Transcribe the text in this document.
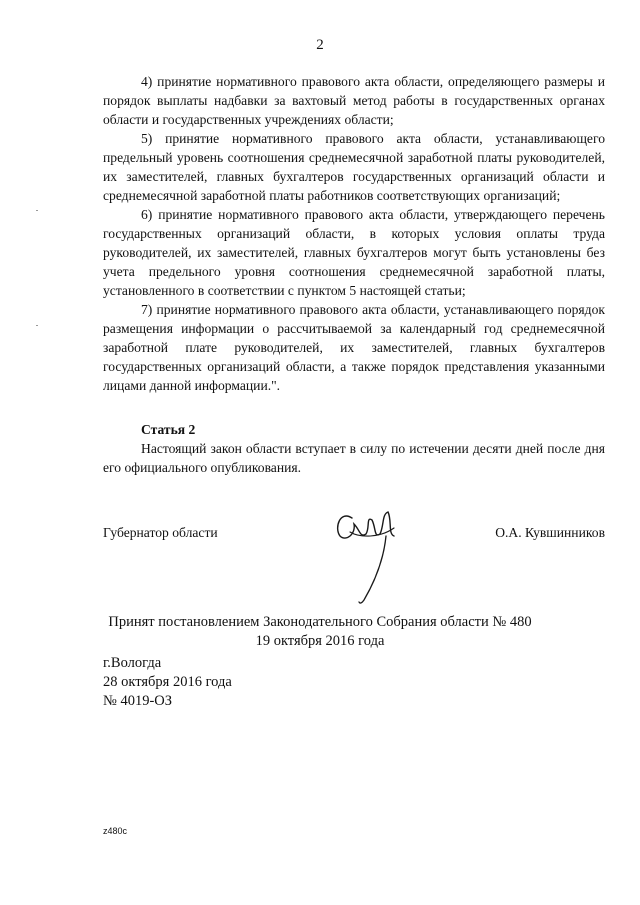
2

4) принятие нормативного правового акта области, определяющего размеры и порядок выплаты надбавки за вахтовый метод работы в государственных органах области и государственных учреждениях области;

5) принятие нормативного правового акта области, устанавливающего предельный уровень соотношения среднемесячной заработной платы руководителей, их заместителей, главных бухгалтеров государственных организаций области и среднемесячной заработной платы работников соответствующих организаций;

6) принятие нормативного правового акта области, утверждающего перечень государственных организаций области, в которых условия оплаты труда руководителей, их заместителей, главных бухгалтеров могут быть установлены без учета предельного уровня соотношения среднемесячной заработной платы, установленного в соответствии с пунктом 5 настоящей статьи;

7) принятие нормативного правового акта области, устанавливающего порядок размещения информации о рассчитываемой за календарный год среднемесячной заработной плате руководителей, их заместителей, главных бухгалтеров государственных организаций области, а также порядок представления указанными лицами данной информации.".

Статья 2

Настоящий закон области вступает в силу по истечении десяти дней после дня его официального опубликования.

Губернатор области	О.А. Кувшинников
Принят постановлением Законодательного Собрания области № 480
19 октября 2016 года
г.Вологда
28 октября 2016 года
№ 4019-ОЗ
z480c
